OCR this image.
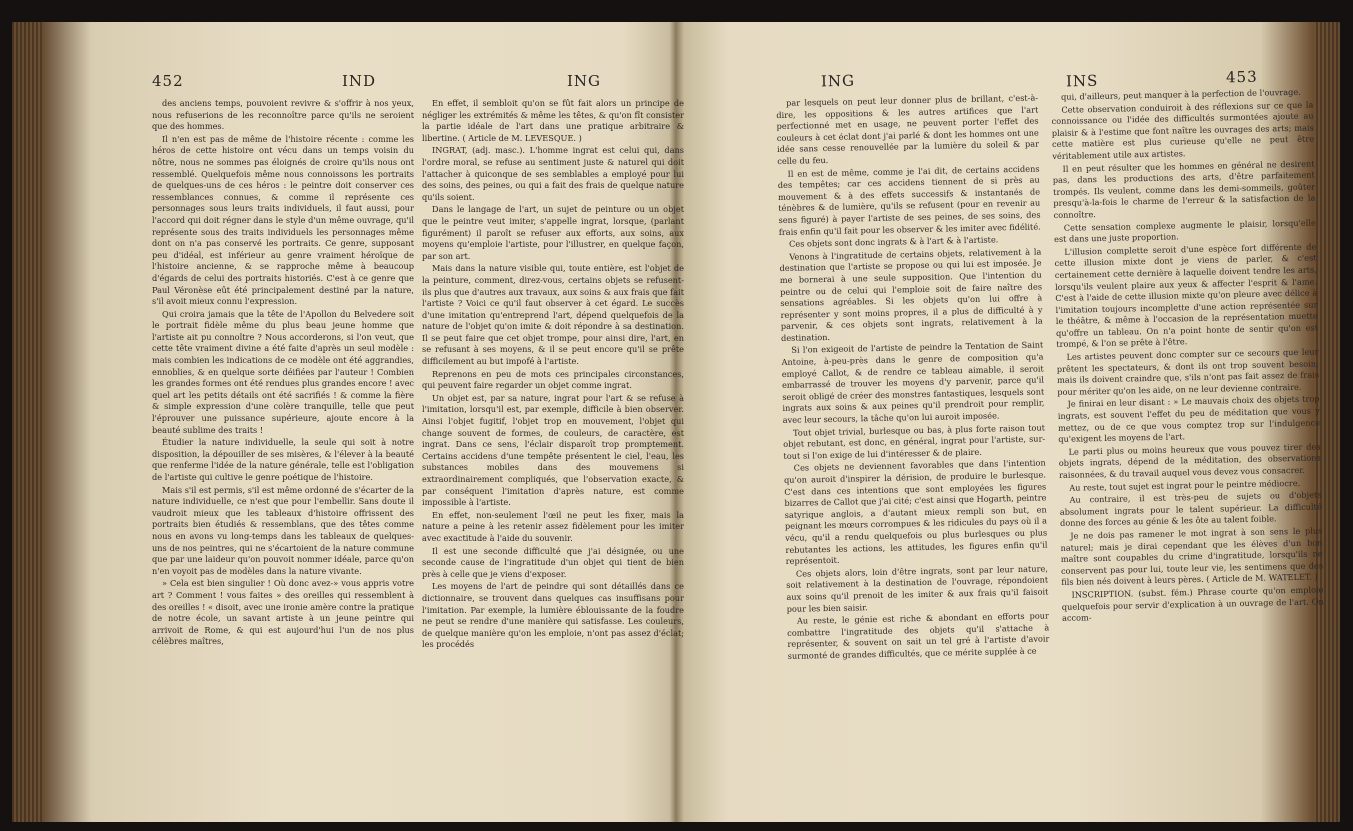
452	IND	ING

des anciens temps, pouvoient revivre & s'offrir à nos yeux, nous refuserions de les reconnoître parce qu'ils ne seroient que des hommes.

Il n'en est pas de même de l'histoire récente : comme les héros de cette histoire ont vécu dans un temps voisin du nôtre, nous ne sommes pas éloignés de croire qu'ils nous ont ressemblé. Quelquefois même nous connoissons les portraits de quelques-uns de ces héros : le peintre doit conserver ces ressemblances connues, & comme il représente ces personnages sous leurs traits individuels, il faut aussi, pour l'accord qui doit régner dans le style d'un même ouvrage, qu'il représente sous des traits individuels les personnages même dont on n'a pas conservé les portraits. Ce genre, supposant peu d'idéal, est inférieur au genre vraiment héroïque de l'histoire ancienne, & se rapproche même à beaucoup d'égards de celui des portraits historiés. C'est à ce genre que Paul Véronèse eût été principalement destiné par la nature, s'il avoit mieux connu l'expression.

Qui croira jamais que la tête de l'Apollon du Belvedere soit le portrait fidèle même du plus beau jeune homme que l'artiste ait pu connoître ? Nous accorderons, si l'on veut, que cette tête vraiment divine a été faite d'après un seul modèle : mais combien les indications de ce modèle ont été aggrandies, ennoblies, & en quelque sorte déifiées par l'auteur ! Combien les grandes formes ont été rendues plus grandes encore ! avec quel art les petits détails ont été sacrifiés ! & comme la fière & simple expression d'une colère tranquille, telle que peut l'éprouver une puissance supérieure, ajoute encore à la beauté sublime des traits !

Étudier la nature individuelle, la seule qui soit à notre disposition, la dépouiller de ses misères, & l'élever à la beauté que renferme l'idée de la nature générale, telle est l'obligation de l'artiste qui cultive le genre poétique de l'histoire.

Mais s'il est permis, s'il est même ordonné de s'écarter de la nature individuelle, ce n'est que pour l'embellir. Sans doute il vaudroit mieux que les tableaux d'histoire offrissent des portraits bien étudiés & ressemblans, que des têtes comme nous en avons vu long-temps dans les tableaux de quelques-uns de nos peintres, qui ne s'écartoient de la nature commune que par une laideur qu'on pouvoit nommer idéale, parce qu'on n'en voyoit pas de modèles dans la nature vivante.

» Cela est bien singulier ! Où donc avez-» vous appris votre art ? Comment ! vous faites » des oreilles qui ressemblent à des oreilles ! « disoit, avec une ironie amère contre la pratique de notre école, un savant artiste à un jeune peintre qui arrivoit de Rome, & qui est aujourd'hui l'un de nos plus célèbres maîtres,

En effet, il sembloit qu'on se fût fait alors un principe de négliger les extrémités & même les têtes, & qu'on fît consister la partie idéale de l'art dans une pratique arbitraire & libertine. ( Article de M. LEVESQUE. )

INGRAT, (adj. masc.). L'homme ingrat est celui qui, dans l'ordre moral, se refuse au sentiment juste & naturel qui doit l'attacher à quiconque de ses semblables a employé pour lui des soins, des peines, ou qui a fait des frais de quelque nature qu'ils soient.

Dans le langage de l'art, un sujet de peinture ou un objet que le peintre veut imiter, s'appelle ingrat, lorsque, (parlant figurément) il paroît se refuser aux efforts, aux soins, aux moyens qu'emploie l'artiste, pour l'illustrer, en quelque façon, par son art.

Mais dans la nature visible qui, toute entière, est l'objet de la peinture, comment, direz-vous, certains objets se refusent-ils plus que d'autres aux travaux, aux soins & aux frais que fait l'artiste ? Voici ce qu'il faut observer à cet égard. Le succès d'une imitation qu'entreprend l'art, dépend quelquefois de la nature de l'objet qu'on imite & doit répondre à sa destination. Il se peut faire que cet objet trompe, pour ainsi dire, l'art, en se refusant à ses moyens, & il se peut encore qu'il se prête difficilement au but impofé à l'artiste.

Reprenons en peu de mots ces principales circonstances, qui peuvent faire regarder un objet comme ingrat.

Un objet est, par sa nature, ingrat pour l'art & se refuse à l'imitation, lorsqu'il est, par exemple, difficile à bien observer. Ainsi l'objet fugitif, l'objet trop en mouvement, l'objet qui change souvent de formes, de couleurs, de caractère, est ingrat. Dans ce sens, l'éclair disparoît trop promptement. Certains accidens d'une tempête présentent le ciel, l'eau, les substances mobiles dans des mouvemens si extraordinairement compliqués, que l'observation exacte, & par conséquent l'imitation d'après nature, est comme impossible à l'artiste.

En effet, non-seulement l'œil ne peut les fixer, mais la nature a peine à les retenir assez fidèlement pour les imiter avec exactitude à l'aide du souvenir.

Il est une seconde difficulté que j'ai désignée, ou une seconde cause de l'ingratitude d'un objet qui tient de bien près à celle que je viens d'exposer.

Les moyens de l'art de peindre qui sont détaillés dans ce dictionnaire, se trouvent dans quelques cas insuffisans pour l'imitation. Par exemple, la lumière éblouissante de la foudre ne peut se rendre d'une manière qui satisfasse. Les couleurs, de quelque manière qu'on les emploie, n'ont pas assez d'éclat; les procédés

ING	INS	453

par lesquels on peut leur donner plus de brillant, c'est-à-dire, les oppositions & les autres artifices que l'art perfectionné met en usage, ne peuvent porter l'effet des couleurs à cet éclat dont j'ai parlé & dont les hommes ont une idée sans cesse renouvellée par la lumière du soleil & par celle du feu.

Il en est de même, comme je l'ai dit, de certains accidens des tempêtes; car ces accidens tiennent de si près au mouvement & à des effets successifs & instantanés de ténèbres & de lumière, qu'ils se refusent (pour en revenir au sens figuré) à payer l'artiste de ses peines, de ses soins, des frais enfin qu'il fait pour les observer & les imiter avec fidélité.

Ces objets sont donc ingrats & à l'art & à l'artiste.

Venons à l'ingratitude de certains objets, relativement à la destination que l'artiste se propose ou qui lui est imposée. Je me bornerai à une seule supposition. Que l'intention du peintre ou de celui qui l'emploie soit de faire naître des sensations agréables. Si les objets qu'on lui offre à représenter y sont moins propres, il a plus de difficulté à y parvenir, & ces objets sont ingrats, relativement à la destination.

Si l'on exigeoit de l'artiste de peindre la Tentation de Saint Antoine, à-peu-près dans le genre de composition qu'a employé Callot, & de rendre ce tableau aimable, il seroit embarrassé de trouver les moyens d'y parvenir, parce qu'il seroit obligé de créer des monstres fantastiques, lesquels sont ingrats aux soins & aux peines qu'il prendroit pour remplir, avec leur secours, la tâche qu'on lui auroit imposée.

Tout objet trivial, burlesque ou bas, à plus forte raison tout objet rebutant, est donc, en général, ingrat pour l'artiste, sur-tout si l'on exige de lui d'intéresser & de plaire.

Ces objets ne deviennent favorables que dans l'intention qu'on auroit d'inspirer la dérision, de produire le burlesque. C'est dans ces intentions que sont employées les figures bizarres de Callot que j'ai cité; c'est ainsi que Hogarth, peintre satyrique anglois, a d'autant mieux rempli son but, en peignant les mœurs corrompues & les ridicules du pays où il a vécu, qu'il a rendu quelquefois ou plus burlesques ou plus rebutantes les actions, les attitudes, les figures enfin qu'il représentoit.

Ces objets alors, loin d'être ingrats, sont par leur nature, soit relativement à la destination de l'ouvrage, répondoient aux soins qu'il prenoit de les imiter & aux frais qu'il faisoit pour les bien saisir.

Au reste, le génie est riche & abondant en efforts pour combattre l'ingratitude des objets qu'il s'attache à représenter, & souvent on sait un tel gré à l'artiste d'avoir surmonté de grandes difficultés, que ce mérite supplée à ce

qui, d'ailleurs, peut manquer à la perfection de l'ouvrage.

Cette observation conduiroit à des réflexions sur ce que la connoissance ou l'idée des difficultés surmontées ajoute au plaisir & à l'estime que font naître les ouvrages des arts; mais cette matière est plus curieuse qu'elle ne peut être véritablement utile aux artistes.

Il en peut résulter que les hommes en général ne desirent pas, dans les productions des arts, d'être parfaitement trompés. Ils veulent, comme dans les demi-sommeils, goûter presqu'à-la-fois le charme de l'erreur & la satisfaction de la connoître.

Cette sensation complexe augmente le plaisir, lorsqu'elle est dans une juste proportion.

L'illusion complette seroit d'une espèce fort différente de cette illusion mixte dont je viens de parler, & c'est certainement cette dernière à laquelle doivent tendre les arts, lorsqu'ils veulent plaire aux yeux & affecter l'esprit & l'ame. C'est à l'aide de cette illusion mixte qu'on pleure avec délice à l'imitation toujours incomplette d'une action représentée sur le théâtre, & même à l'occasion de la représentation muette qu'offre un tableau. On n'a point honte de sentir qu'on est trompé, & l'on se prête à l'être.

Les artistes peuvent donc compter sur ce secours que leur prêtent les spectateurs, & dont ils ont trop souvent besoin; mais ils doivent craindre que, s'ils n'ont pas fait assez de frais pour mériter qu'on les aide, on ne leur devienne contraire.

Je finirai en leur disant : » Le mauvais choix des objets trop ingrats, est souvent l'effet du peu de méditation que vous y mettez, ou de ce que vous comptez trop sur l'indulgence qu'exigent les moyens de l'art.

Le parti plus ou moins heureux que vous pouvez tirer des objets ingrats, dépend de la méditation, des observations raisonnées, & du travail auquel vous devez vous consacrer.

Au reste, tout sujet est ingrat pour le peintre médiocre.

Au contraire, il est très-peu de sujets ou d'objets absolument ingrats pour le talent supérieur. La difficulté donne des forces au génie & les ôte au talent foible.

Je ne dois pas ramener le mot ingrat à son sens le plus naturel; mais je dirai cependant que les élèves d'un bon maître sont coupables du crime d'ingratitude, lorsqu'ils ne conservent pas pour lui, toute leur vie, les sentimens que des fils bien nés doivent à leurs pères. ( Article de M. WATELET. )

INSCRIPTION. (subst. fém.) Phrase courte qu'on emploie quelquefois pour servir d'explication à un ouvrage de l'art. On accom-
